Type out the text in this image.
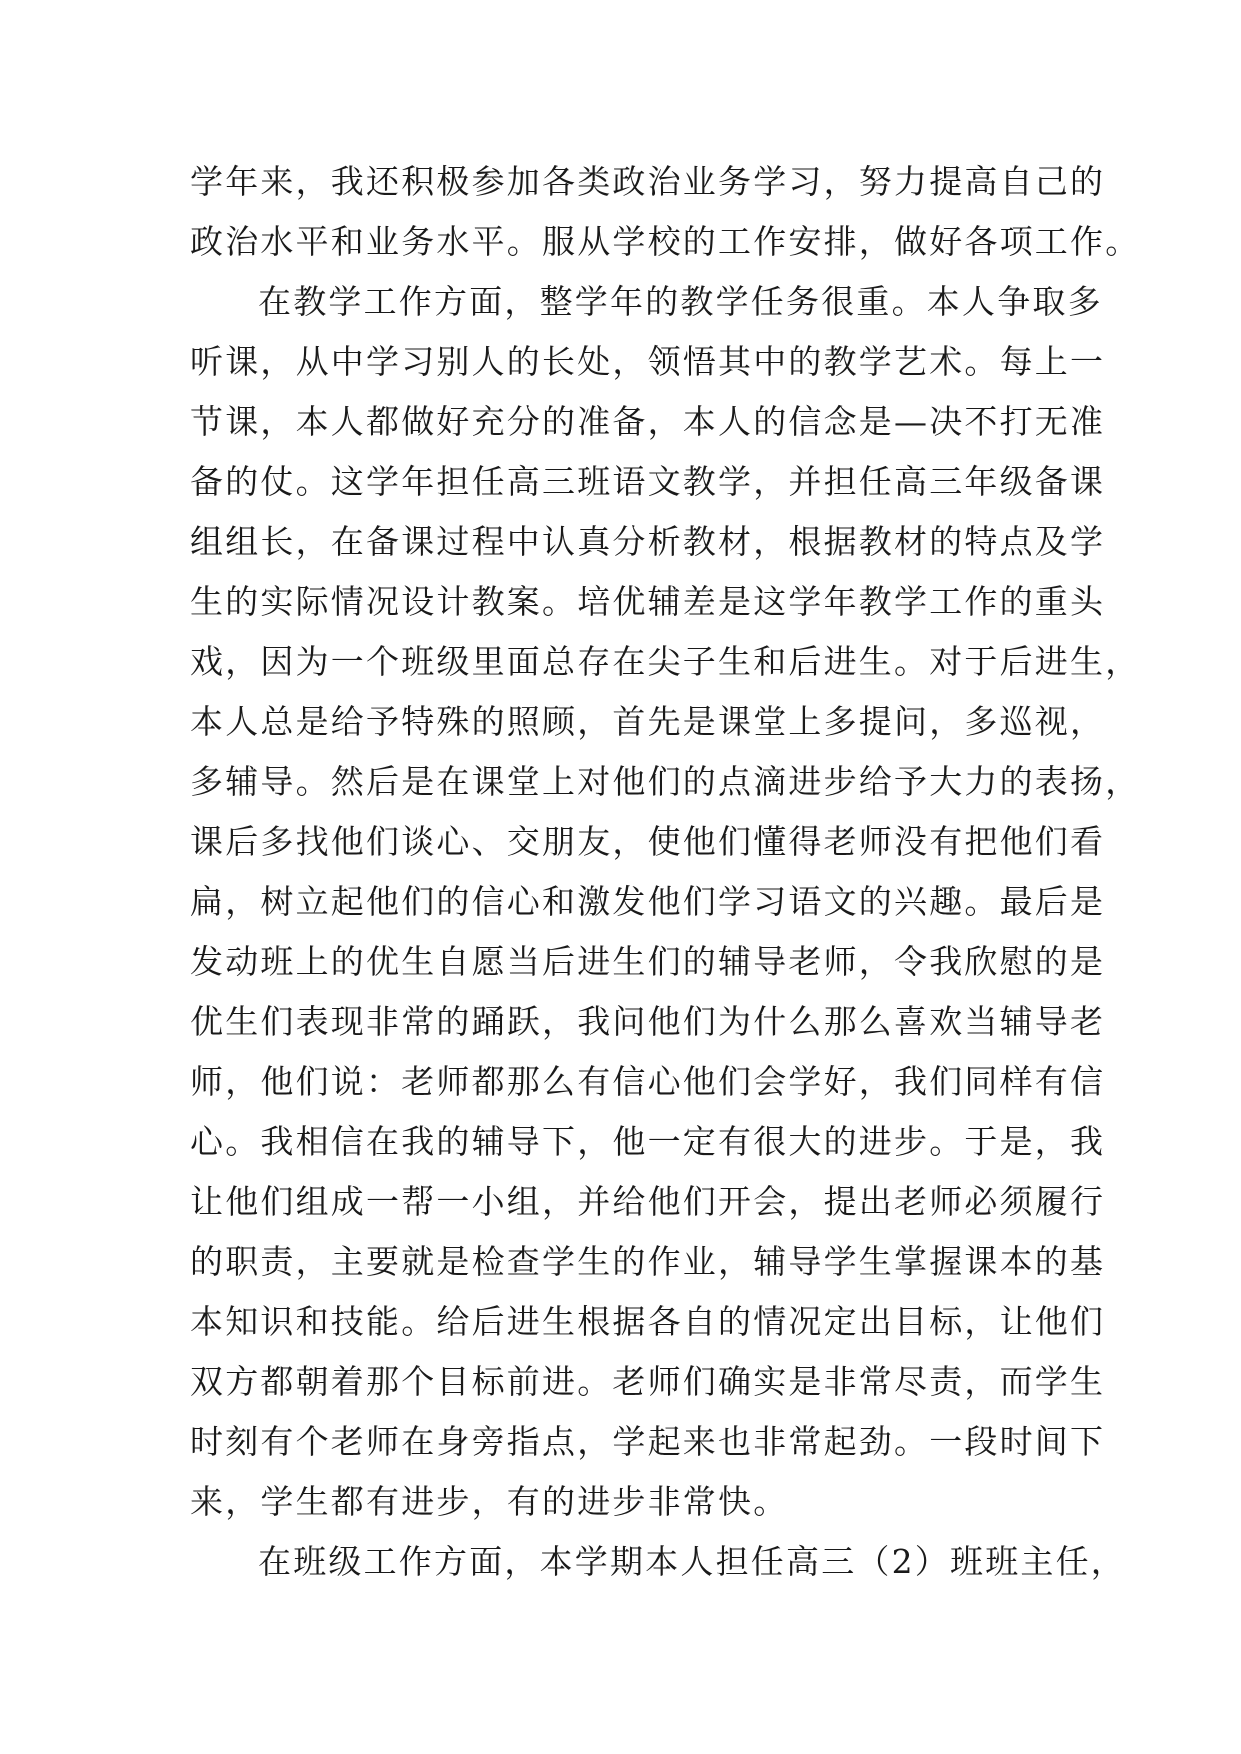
学年来，我还积极参加各类政治业务学习，努力提高自己的
政治水平和业务水平。服从学校的工作安排，做好各项工作。
在教学工作方面，整学年的教学任务很重。本人争取多
听课，从中学习别人的长处，领悟其中的教学艺术。每上一
节课，本人都做好充分的准备，本人的信念是—决不打无准
备的仗。这学年担任高三班语文教学，并担任高三年级备课
组组长，在备课过程中认真分析教材，根据教材的特点及学
生的实际情况设计教案。培优辅差是这学年教学工作的重头
戏，因为一个班级里面总存在尖子生和后进生。对于后进生，
本人总是给予特殊的照顾，首先是课堂上多提问，多巡视，
多辅导。然后是在课堂上对他们的点滴进步给予大力的表扬，
课后多找他们谈心、交朋友，使他们懂得老师没有把他们看
扁，树立起他们的信心和激发他们学习语文的兴趣。最后是
发动班上的优生自愿当后进生们的辅导老师，令我欣慰的是
优生们表现非常的踊跃，我问他们为什么那么喜欢当辅导老
师，他们说：老师都那么有信心他们会学好，我们同样有信
心。我相信在我的辅导下，他一定有很大的进步。于是，我
让他们组成一帮一小组，并给他们开会，提出老师必须履行
的职责，主要就是检查学生的作业，辅导学生掌握课本的基
本知识和技能。给后进生根据各自的情况定出目标，让他们
双方都朝着那个目标前进。老师们确实是非常尽责，而学生
时刻有个老师在身旁指点，学起来也非常起劲。一段时间下
来，学生都有进步，有的进步非常快。
在班级工作方面，本学期本人担任高三（2）班班主任，
